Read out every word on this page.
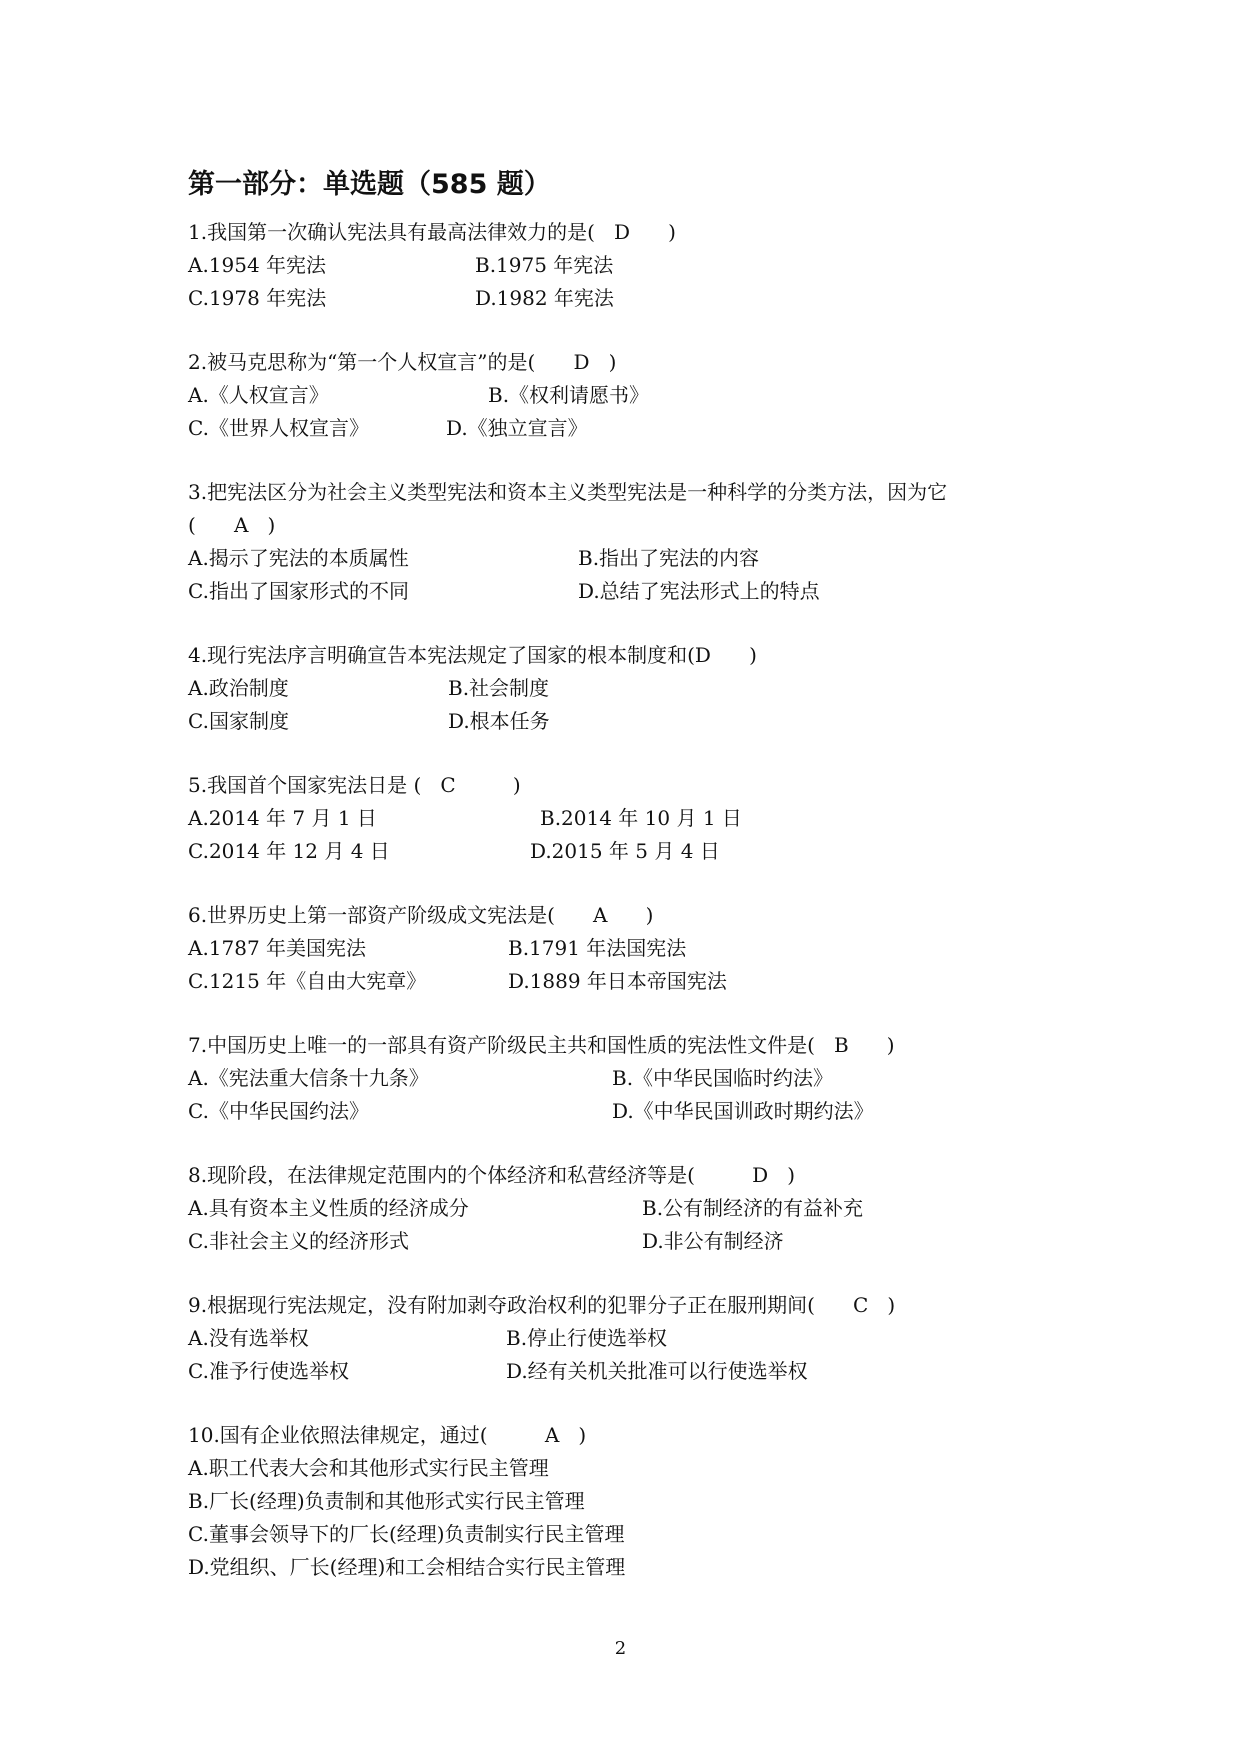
第一部分：单选题（585 题）
1.我国第一次确认宪法具有最高法律效力的是(   D      )
A.1954 年宪法	B.1975 年宪法
C.1978 年宪法	D.1982 年宪法
2.被马克思称为“第一个人权宣言”的是(      D   )
A.《人权宣言》	B.《权利请愿书》
C.《世界人权宣言》	D.《独立宣言》
3.把宪法区分为社会主义类型宪法和资本主义类型宪法是一种科学的分类方法，因为它
(      A   )
A.揭示了宪法的本质属性	B.指出了宪法的内容
C.指出了国家形式的不同	D.总结了宪法形式上的特点
4.现行宪法序言明确宣告本宪法规定了国家的根本制度和(D      )
A.政治制度	B.社会制度
C.国家制度	D.根本任务
5.我国首个国家宪法日是 (   C         )
A.2014 年 7 月 1 日	B.2014 年 10 月 1 日
C.2014 年 12 月 4 日	D.2015 年 5 月 4 日
6.世界历史上第一部资产阶级成文宪法是(      A      )
A.1787 年美国宪法	B.1791 年法国宪法
C.1215 年《自由大宪章》	D.1889 年日本帝国宪法
7.中国历史上唯一的一部具有资产阶级民主共和国性质的宪法性文件是(   B      )
A.《宪法重大信条十九条》	B.《中华民国临时约法》
C.《中华民国约法》	D.《中华民国训政时期约法》
8.现阶段，在法律规定范围内的个体经济和私营经济等是(         D   )
A.具有资本主义性质的经济成分	B.公有制经济的有益补充
C.非社会主义的经济形式	D.非公有制经济
9.根据现行宪法规定，没有附加剥夺政治权利的犯罪分子正在服刑期间(      C   )
A.没有选举权	B.停止行使选举权
C.准予行使选举权	D.经有关机关批准可以行使选举权
10.国有企业依照法律规定，通过(         A   )
A.职工代表大会和其他形式实行民主管理
B.厂长(经理)负责制和其他形式实行民主管理
C.董事会领导下的厂长(经理)负责制实行民主管理
D.党组织、厂长(经理)和工会相结合实行民主管理
2
